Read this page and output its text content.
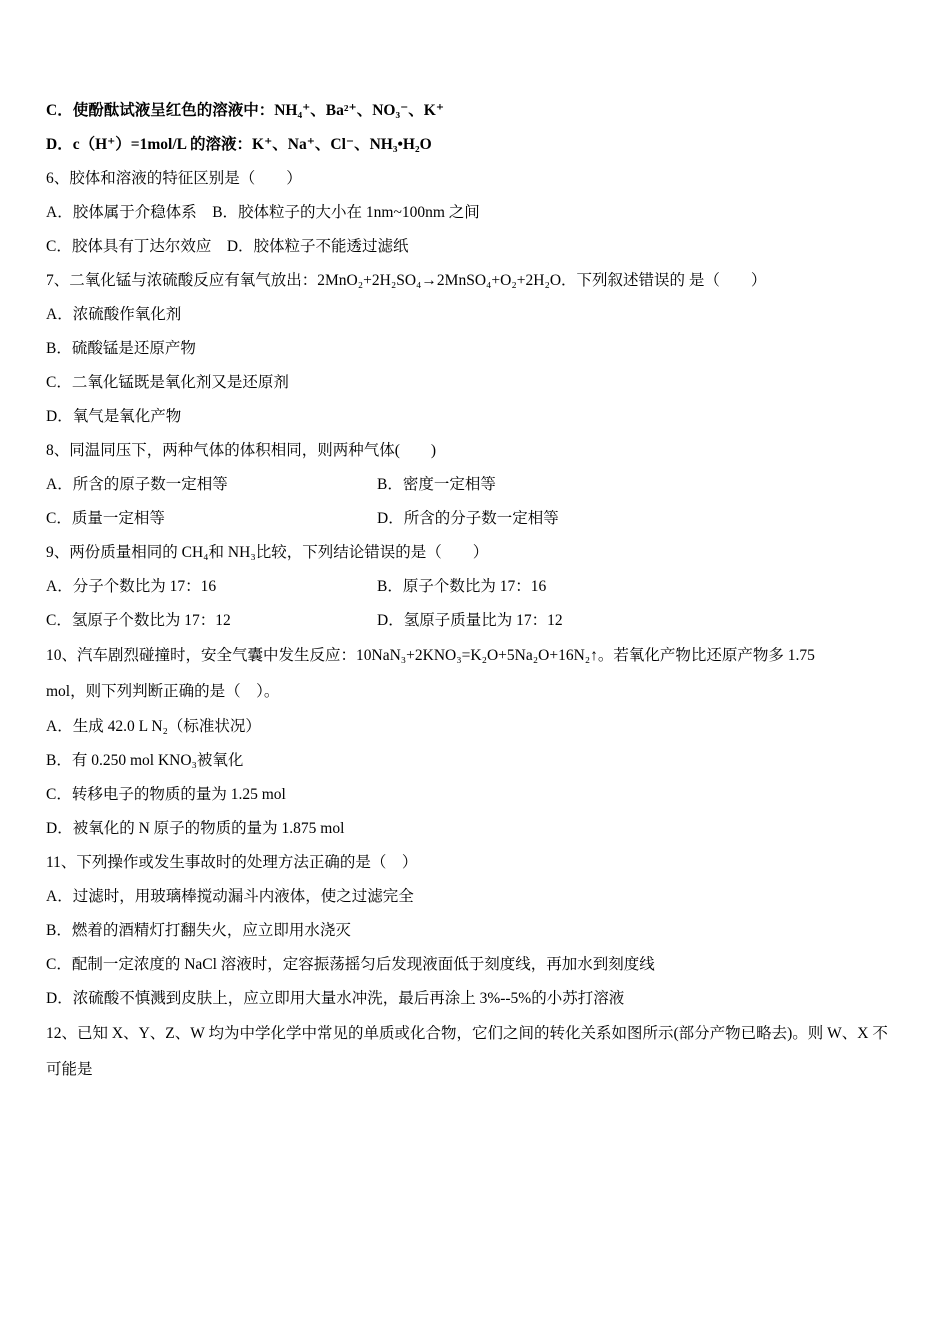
C．使酚酞试液呈红色的溶液中：NH₄⁺、Ba²⁺、NO₃⁻、K⁺
D．c（H⁺）=1mol/L 的溶液：K⁺、Na⁺、Cl⁻、NH₃•H₂O
6、胶体和溶液的特征区别是（　　）
A．胶体属于介稳体系　B．胶体粒子的大小在 1nm~100nm 之间
C．胶体具有丁达尔效应　D．胶体粒子不能透过滤纸
7、二氧化锰与浓硫酸反应有氧气放出：2MnO₂+2H₂SO₄→2MnSO₄+O₂+2H₂O．下列叙述错误的 是（　　）
A．浓硫酸作氧化剂
B．硫酸锰是还原产物
C．二氧化锰既是氧化剂又是还原剂
D．氧气是氧化产物
8、同温同压下，两种气体的体积相同，则两种气体(　　)
A．所含的原子数一定相等	B．密度一定相等
C．质量一定相等	D．所含的分子数一定相等
9、两份质量相同的 CH₄和 NH₃比较，下列结论错误的是（　　）
A．分子个数比为 17：16	B．原子个数比为 17：16
C．氢原子个数比为 17：12	D．氢原子质量比为 17：12
10、汽车剧烈碰撞时，安全气囊中发生反应：10NaN₃+2KNO₃=K₂O+5Na₂O+16N₂↑。若氧化产物比还原产物多 1.75
mol，则下列判断正确的是（　）。
A．生成 42.0 L N₂（标准状况）
B．有 0.250 mol KNO₃被氧化
C．转移电子的物质的量为 1.25 mol
D．被氧化的 N 原子的物质的量为 1.875 mol
11、下列操作或发生事故时的处理方法正确的是（　）
A．过滤时，用玻璃棒搅动漏斗内液体，使之过滤完全
B．燃着的酒精灯打翻失火，应立即用水浇灭
C．配制一定浓度的 NaCl 溶液时，定容振荡摇匀后发现液面低于刻度线，再加水到刻度线
D．浓硫酸不慎溅到皮肤上，应立即用大量水冲洗，最后再涂上 3%--5%的小苏打溶液
12、已知 X、Y、Z、W 均为中学化学中常见的单质或化合物，它们之间的转化关系如图所示(部分产物已略去)。则 W、X 不
可能是
